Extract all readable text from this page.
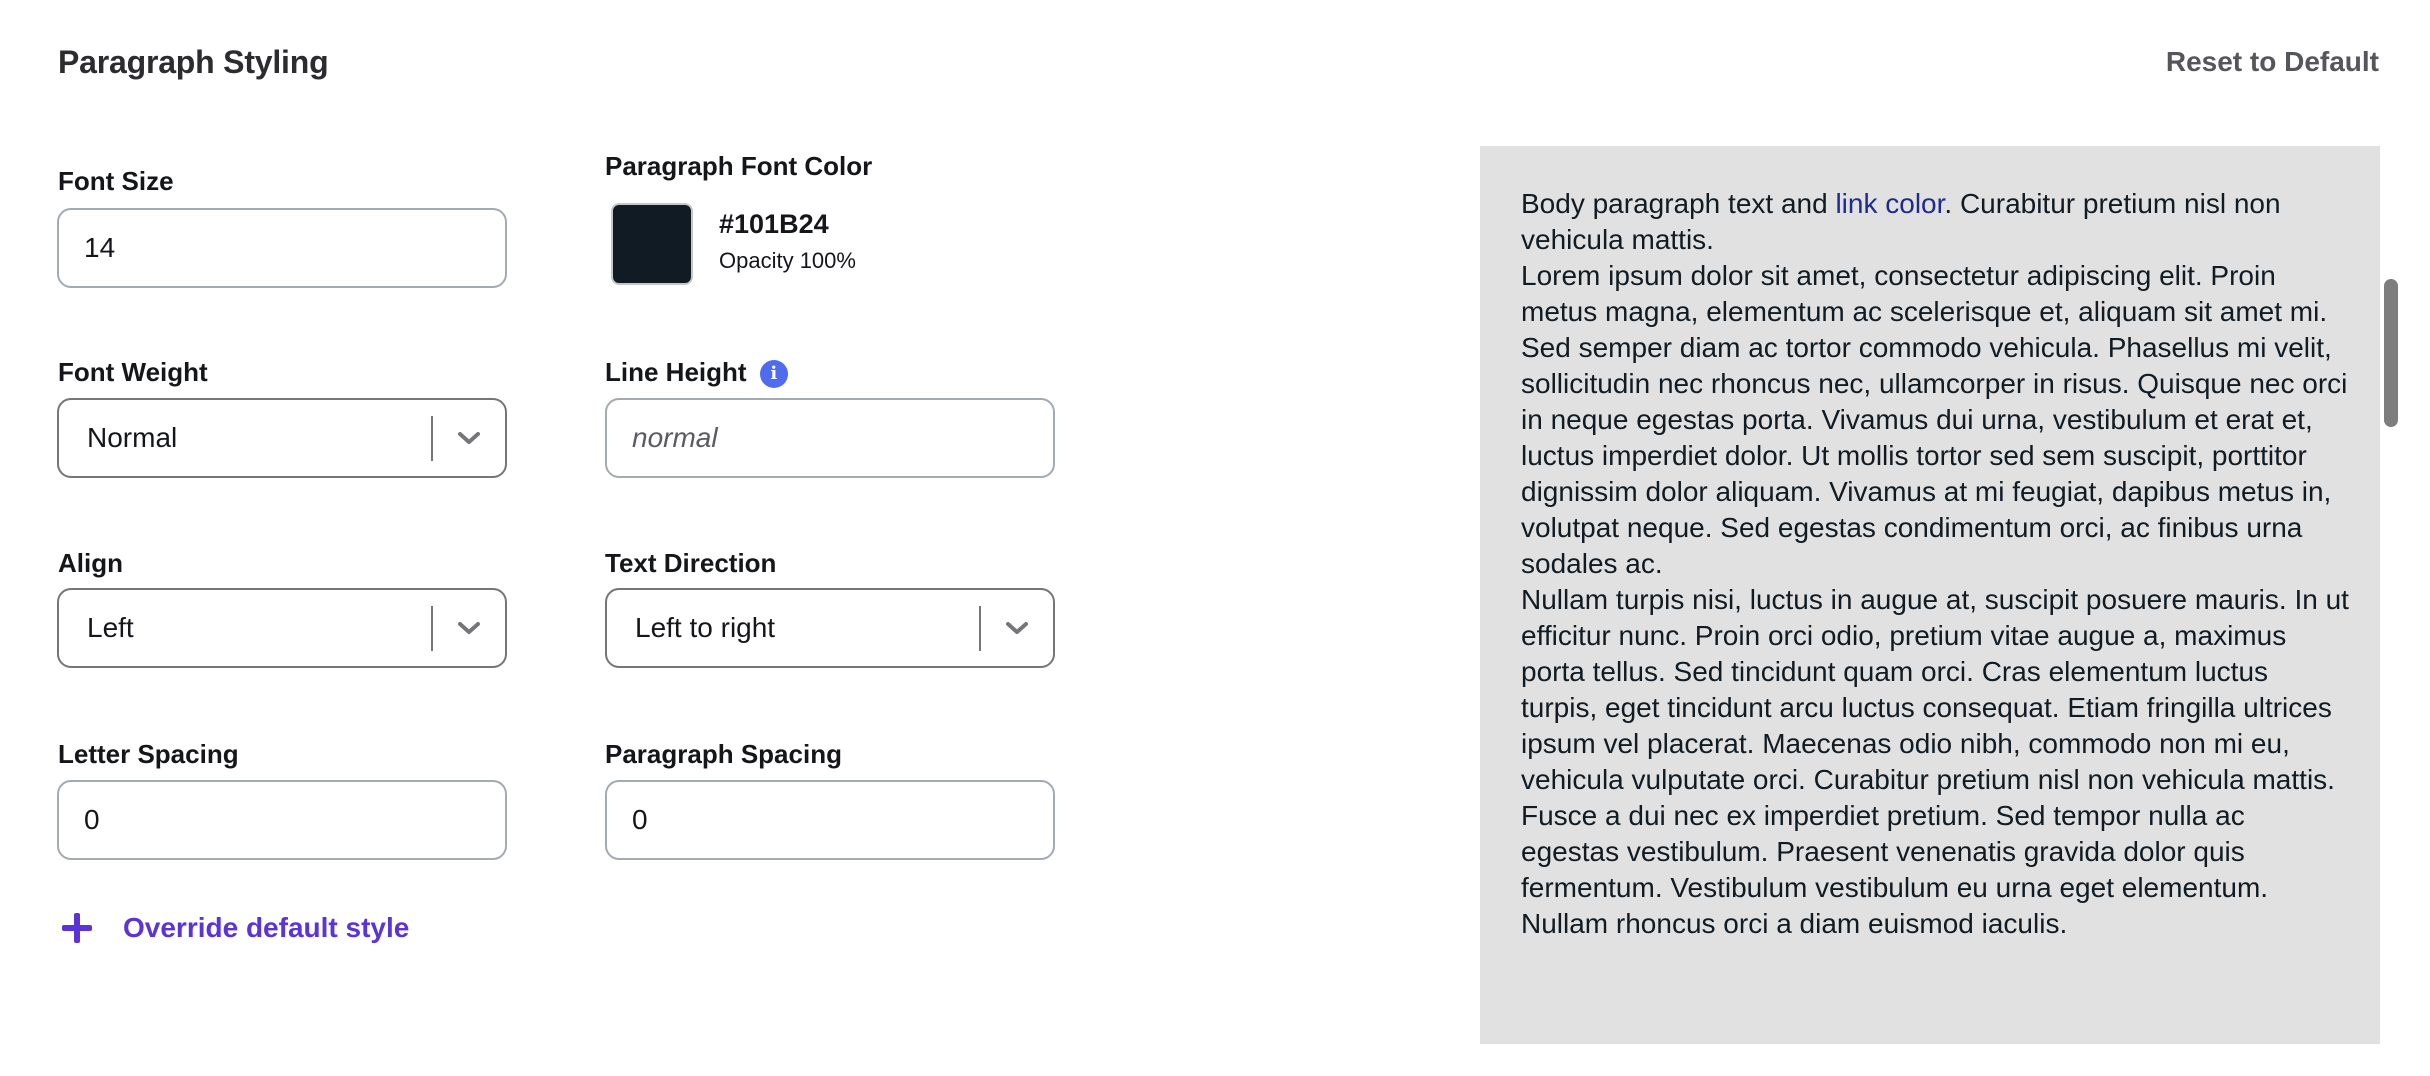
Paragraph Styling	Reset to Default
Font Size
14
Font Weight
Normal
Align
Left
Letter Spacing
0
Paragraph Font Color
#101B24
Opacity 100%
Line Height i
normal
Text Direction
Left to right
Paragraph Spacing
0
Override default style

Body paragraph text and link color. Curabitur pretium nisl non vehicula mattis.

Lorem ipsum dolor sit amet, consectetur adipiscing elit. Proin metus magna, elementum ac scelerisque et, aliquam sit amet mi. Sed semper diam ac tortor commodo vehicula. Phasellus mi velit, sollicitudin nec rhoncus nec, ullamcorper in risus. Quisque nec orci in neque egestas porta. Vivamus dui urna, vestibulum et erat et, luctus imperdiet dolor. Ut mollis tortor sed sem suscipit, porttitor dignissim dolor aliquam. Vivamus at mi feugiat, dapibus metus in, volutpat neque. Sed egestas condimentum orci, ac finibus urna sodales ac.

Nullam turpis nisi, luctus in augue at, suscipit posuere mauris. In ut efficitur nunc. Proin orci odio, pretium vitae augue a, maximus porta tellus. Sed tincidunt quam orci. Cras elementum luctus turpis, eget tincidunt arcu luctus consequat. Etiam fringilla ultrices ipsum vel placerat. Maecenas odio nibh, commodo non mi eu, vehicula vulputate orci. Curabitur pretium nisl non vehicula mattis. Fusce a dui nec ex imperdiet pretium. Sed tempor nulla ac egestas vestibulum. Praesent venenatis gravida dolor quis fermentum. Vestibulum vestibulum eu urna eget elementum. Nullam rhoncus orci a diam euismod iaculis.
